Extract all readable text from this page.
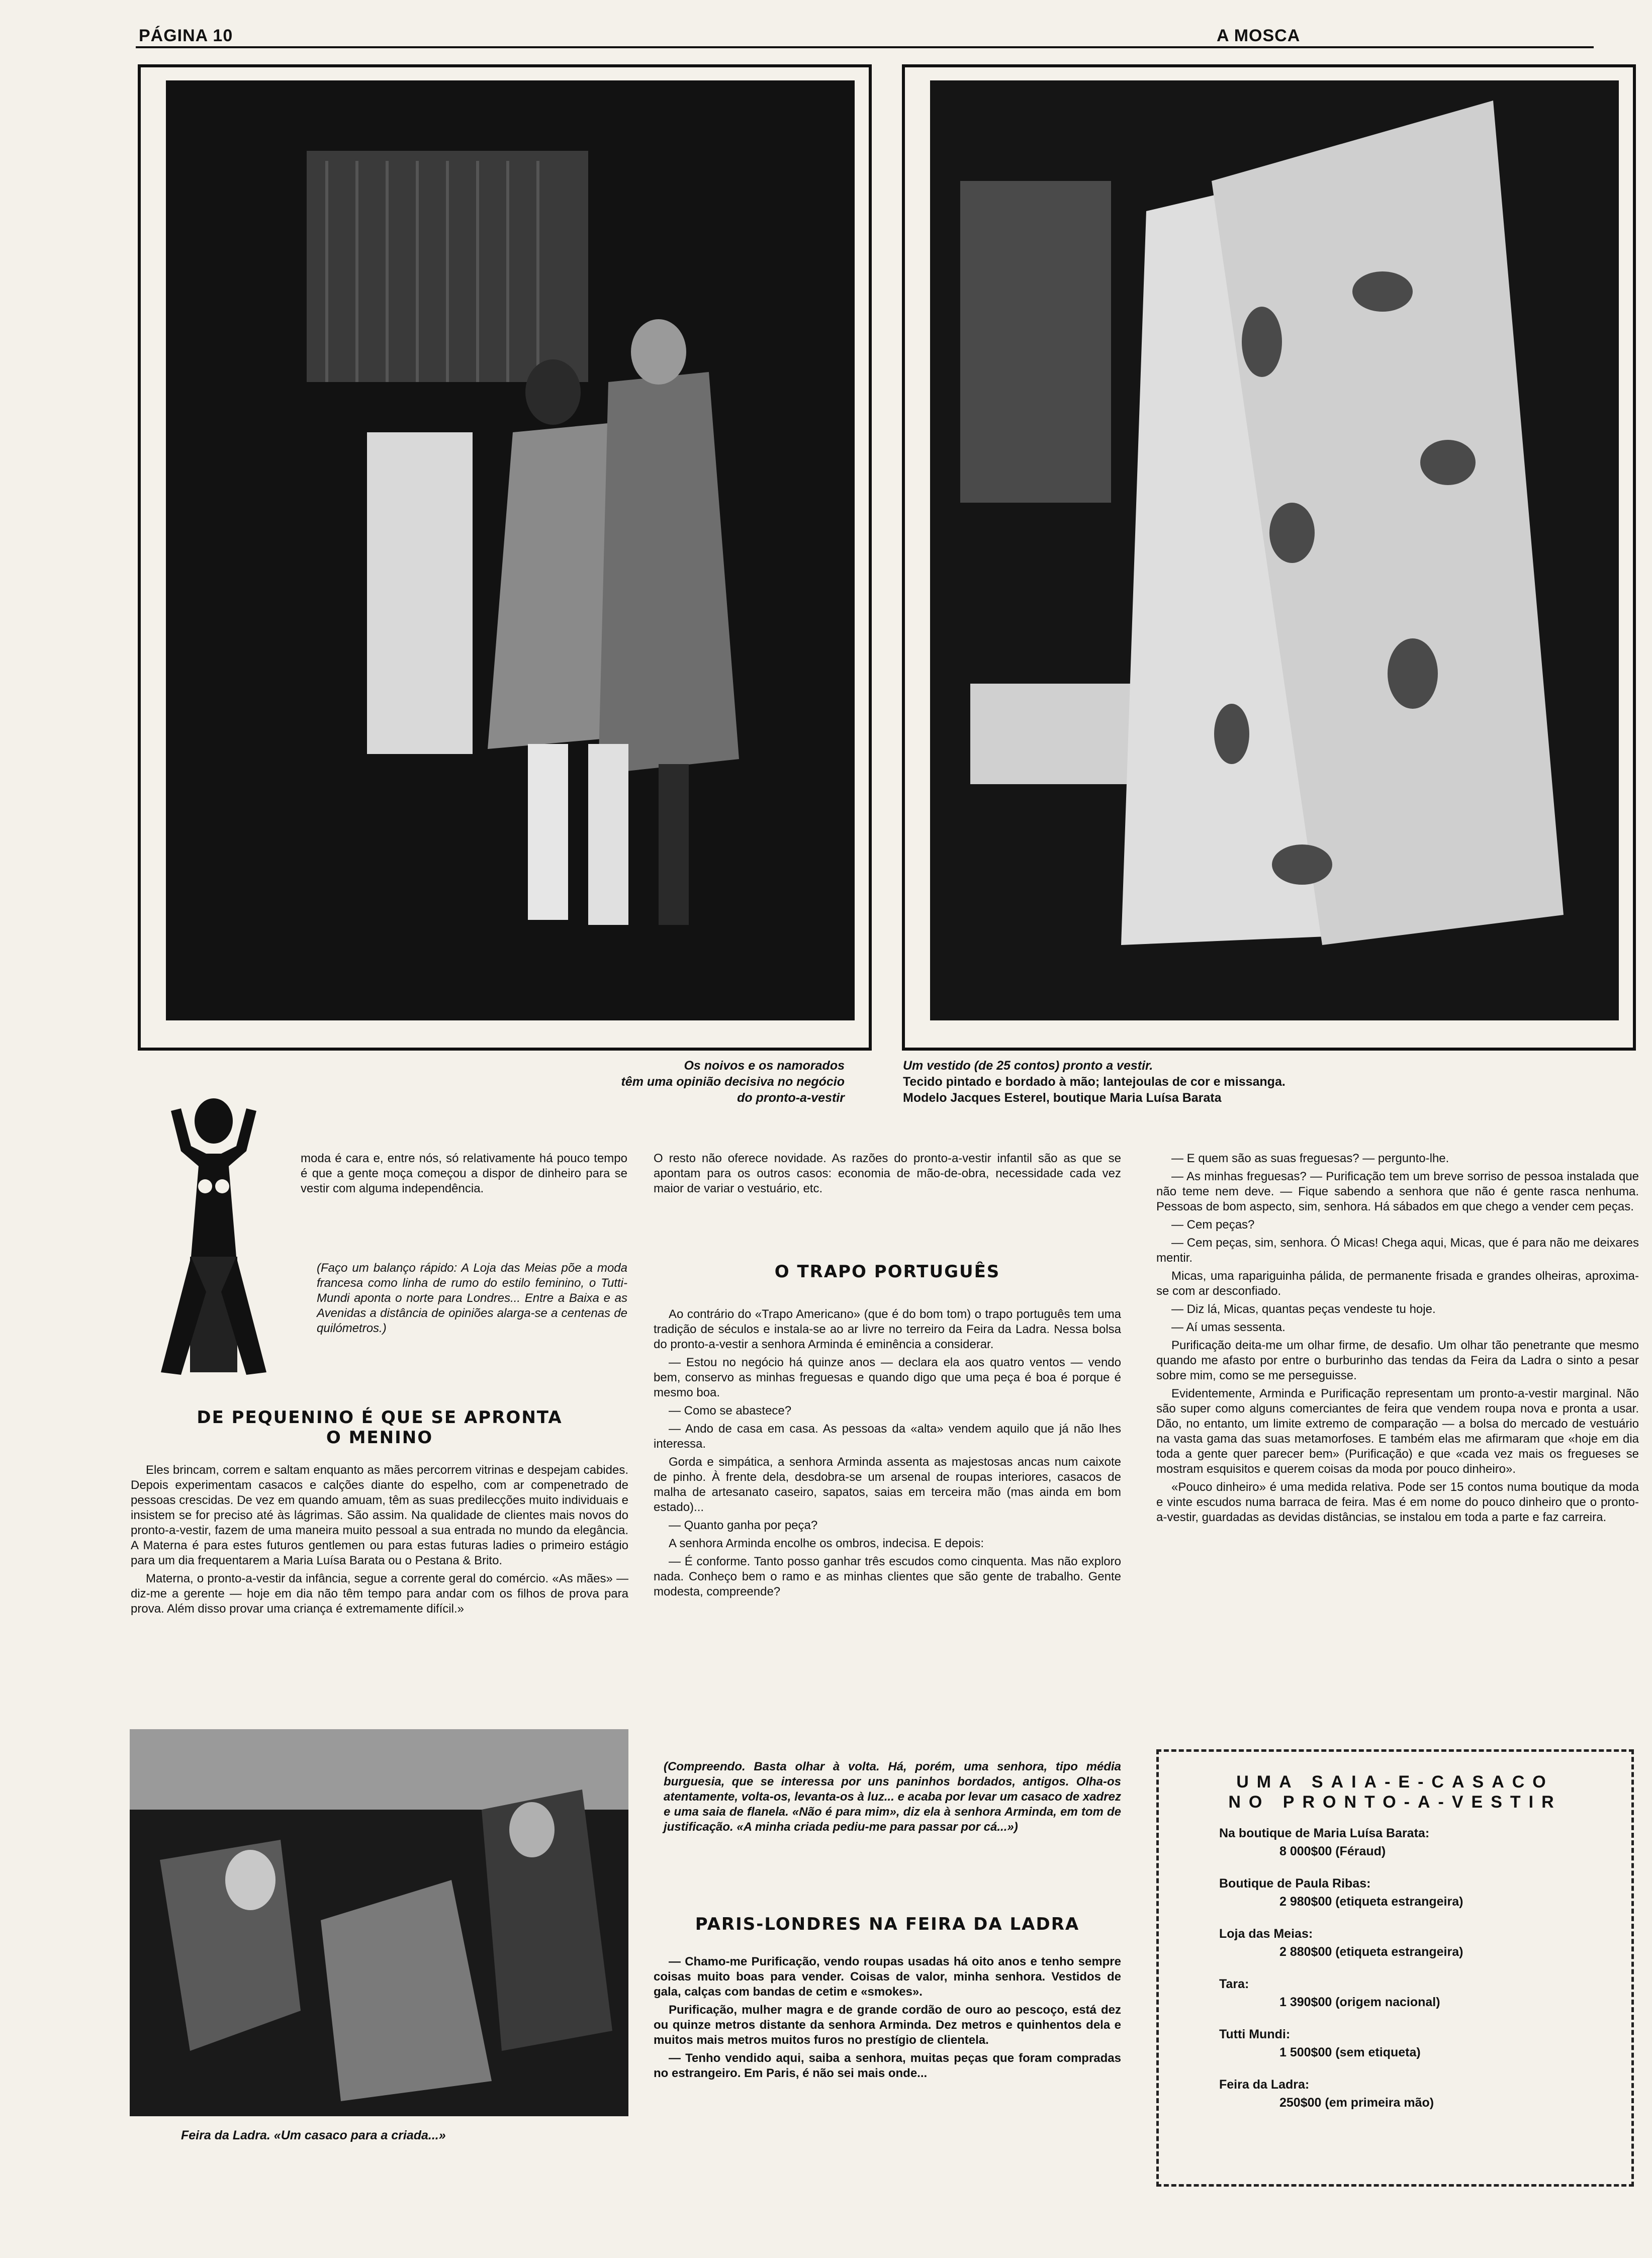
PÁGINA 10	A MOSCA
Os noivos e os namorados
têm uma opinião decisiva no negócio
do pronto-a-vestir
Um vestido (de 25 contos) pronto a vestir.
Tecido pintado e bordado à mão; lantejoulas de cor e missanga.
Modelo Jacques Esterel, boutique Maria Luísa Barata
moda é cara e, entre nós, só relativamente há pouco tempo é que a gente moça começou a dispor de dinheiro para se vestir com alguma independência.
(Faço um balanço rápido: A Loja das Meias põe a moda francesa como linha de rumo do estilo feminino, o Tutti-Mundi aponta o norte para Londres... Entre a Baixa e as Avenidas a distância de opiniões alarga-se a centenas de quilómetros.)
DE PEQUENINO É QUE SE APRONTA
O MENINO

Eles brincam, correm e saltam enquanto as mães percorrem vitrinas e despejam cabides. Depois experimentam casacos e calções diante do espelho, com ar compenetrado de pessoas crescidas. De vez em quando amuam, têm as suas predilecções muito individuais e insistem se for preciso até às lágrimas. São assim. Na qualidade de clientes mais novos do pronto-a-vestir, fazem de uma maneira muito pessoal a sua entrada no mundo da elegância. A Materna é para estes futuros gentlemen ou para estas futuras ladies o primeiro estágio para um dia frequentarem a Maria Luísa Barata ou o Pestana & Brito.

Materna, o pronto-a-vestir da infância, segue a corrente geral do comércio. «As mães» — diz-me a gerente — hoje em dia não têm tempo para andar com os filhos de prova para prova. Além disso provar uma criança é extremamente difícil.»

Feira da Ladra. «Um casaco para a criada...»
O resto não oferece novidade. As razões do pronto-a-vestir infantil são as que se apontam para os outros casos: economia de mão-de-obra, necessidade cada vez maior de variar o vestuário, etc.
O TRAPO PORTUGUÊS

Ao contrário do «Trapo Americano» (que é do bom tom) o trapo português tem uma tradição de séculos e instala-se ao ar livre no terreiro da Feira da Ladra. Nessa bolsa do pronto-a-vestir a senhora Arminda é eminência a considerar.

— Estou no negócio há quinze anos — declara ela aos quatro ventos — vendo bem, conservo as minhas freguesas e quando digo que uma peça é boa é porque é mesmo boa.

— Como se abastece?

— Ando de casa em casa. As pessoas da «alta» vendem aquilo que já não lhes interessa.

Gorda e simpática, a senhora Arminda assenta as majestosas ancas num caixote de pinho. À frente dela, desdobra-se um arsenal de roupas interiores, casacos de malha de artesanato caseiro, sapatos, saias em terceira mão (mas ainda em bom estado)...

— Quanto ganha por peça?

A senhora Arminda encolhe os ombros, indecisa. E depois:

— É conforme. Tanto posso ganhar três escudos como cinquenta. Mas não exploro nada. Conheço bem o ramo e as minhas clientes que são gente de trabalho. Gente modesta, compreende?

(Compreendo. Basta olhar à volta. Há, porém, uma senhora, tipo média burguesia, que se interessa por uns paninhos bordados, antigos. Olha-os atentamente, volta-os, levanta-os à luz... e acaba por levar um casaco de xadrez e uma saia de flanela. «Não é para mim», diz ela à senhora Arminda, em tom de justificação. «A minha criada pediu-me para passar por cá...»)
PARIS-LONDRES NA FEIRA DA LADRA

— Chamo-me Purificação, vendo roupas usadas há oito anos e tenho sempre coisas muito boas para vender. Coisas de valor, minha senhora. Vestidos de gala, calças com bandas de cetim e «smokes».

Purificação, mulher magra e de grande cordão de ouro ao pescoço, está dez ou quinze metros distante da senhora Arminda. Dez metros e quinhentos dela e muitos mais metros muitos furos no prestígio de clientela.

— Tenho vendido aqui, saiba a senhora, muitas peças que foram compradas no estrangeiro. Em Paris, é não sei mais onde...

— E quem são as suas freguesas? — pergunto-lhe.

— As minhas freguesas? — Purificação tem um breve sorriso de pessoa instalada que não teme nem deve. — Fique sabendo a senhora que não é gente rasca nenhuma. Pessoas de bom aspecto, sim, senhora. Há sábados em que chego a vender cem peças.

— Cem peças?

— Cem peças, sim, senhora. Ó Micas! Chega aqui, Micas, que é para não me deixares mentir.

Micas, uma rapariguinha pálida, de permanente frisada e grandes olheiras, aproxima-se com ar desconfiado.

— Diz lá, Micas, quantas peças vendeste tu hoje.

— Aí umas sessenta.

Purificação deita-me um olhar firme, de desafio. Um olhar tão penetrante que mesmo quando me afasto por entre o burburinho das tendas da Feira da Ladra o sinto a pesar sobre mim, como se me perseguisse.

Evidentemente, Arminda e Purificação representam um pronto-a-vestir marginal. Não são super como alguns comerciantes de feira que vendem roupa nova e pronta a usar. Dão, no entanto, um limite extremo de comparação — a bolsa do mercado de vestuário na vasta gama das suas metamorfoses. E também elas me afirmaram que «hoje em dia toda a gente quer parecer bem» (Purificação) e que «cada vez mais os fregueses se mostram esquisitos e querem coisas da moda por pouco dinheiro».

«Pouco dinheiro» é uma medida relativa. Pode ser 15 contos numa boutique da moda e vinte escudos numa barraca de feira. Mas é em nome do pouco dinheiro que o pronto-a-vestir, guardadas as devidas distâncias, se instalou em toda a parte e faz carreira.

UMA SAIA-E-CASACO
NO PRONTO-A-VESTIR
Na boutique de Maria Luísa Barata:
8 000$00 (Féraud)
Boutique de Paula Ribas:
2 980$00 (etiqueta estrangeira)
Loja das Meias:
2 880$00 (etiqueta estrangeira)
Tara:
1 390$00 (origem nacional)
Tutti Mundi:
1 500$00 (sem etiqueta)
Feira da Ladra:
250$00 (em primeira mão)
